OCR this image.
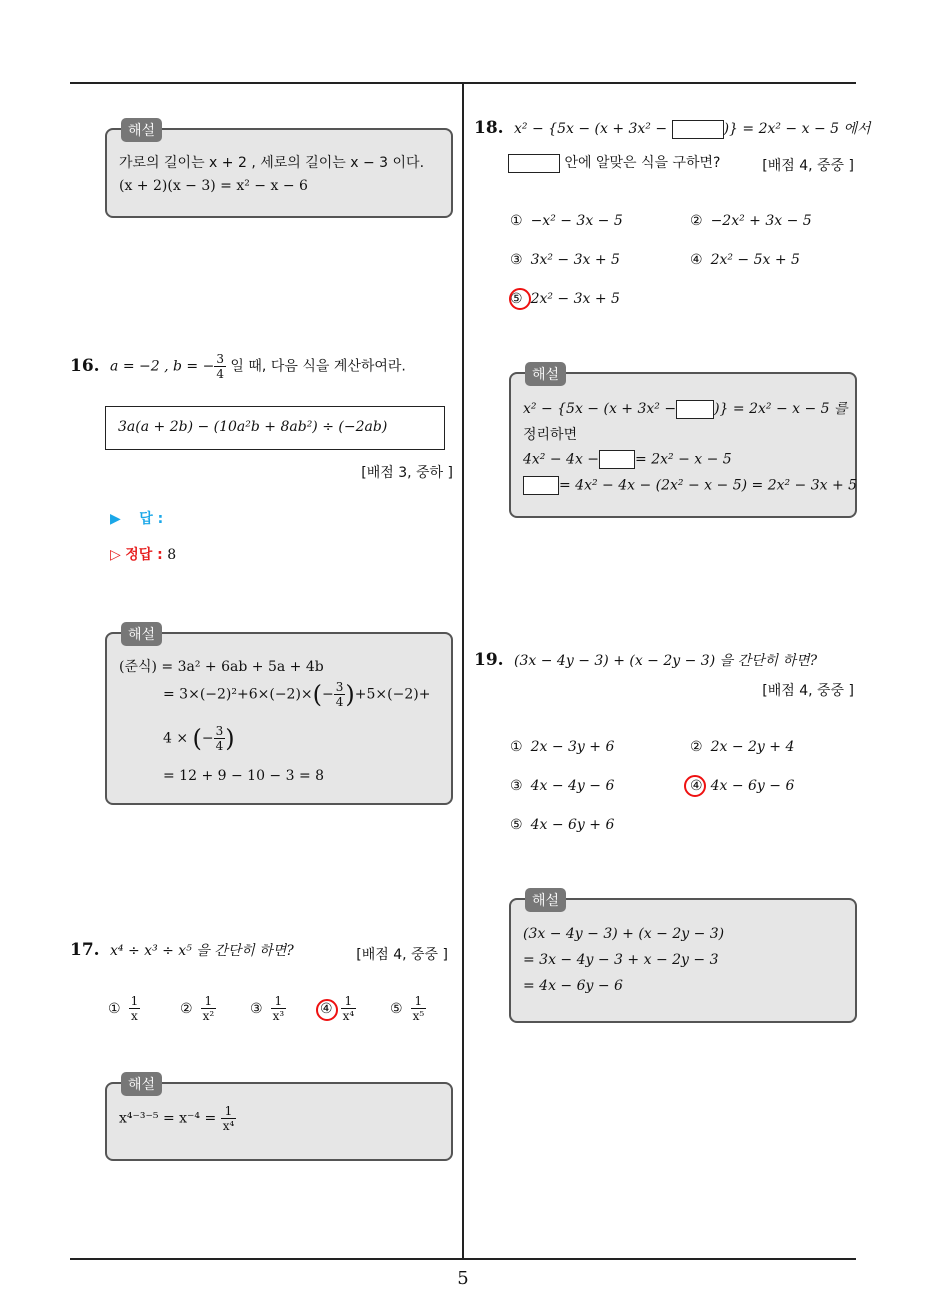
해설
가로의 길이는 x + 2 , 세로의 길이는 x − 3 이다.
(x + 2)(x − 3) = x² − x − 6
16. a = −2 , b = − $\frac{3}{4}$ 일 때, 다음 식을 계산하여라.
3a(a + 2b) − (10a²b + 8ab²) ÷ (−2ab)
[배점 3, 중하 ]
▶ 답 :
▷ 정답 : 8
해설
(준식) = 3a² + 6ab + 5a + 4b
= $3\times(-2)^2+6\times(-2)\times(- \frac{3}{4} )+5\times(-2)+$
4 × (− $\frac{3}{4}$ )
= 12 + 9 − 10 − 3 = 8
17. x⁴ ÷ x³ ÷ x⁵ 을 간단히 하면?	[배점 4, 중중 ]
① $\frac{1}{x}$	② $\frac{1}{\text{x²}}$ ③ $\frac{1}{\text{x³}}$ ④ $\frac{1}{\text{x⁴}}$ ⑤ $\frac{1}{\text{x⁵}}$
해설
$x^{4-3-5} = x^{-4} = \frac{1}{\text{x⁴}}$
18. x² − {5x − (x + 3x² −	)} = 2x² − x − 5 에서
안에 알맞은 식을 구하면?	[배점 4, 중중 ]
① −x² − 3x − 5	② −2x² + 3x − 5
③ 3x² − 3x + 5	④ 2x² − 5x + 5
⑤ 2x² − 3x + 5
해설
x² − {5x − (x + 3x² −	)} = 2x² − x − 5 를
정리하면
4x² − 4x −	= 2x² − x − 5
= 4x² − 4x − (2x² − x − 5) = 2x² − 3x + 5
19. (3x − 4y − 3) + (x − 2y − 3) 을 간단히 하면?
[배점 4, 중중 ]
① 2x − 3y + 6	② 2x − 2y + 4
③ 4x − 4y − 6	④ 4x − 6y − 6
⑤ 4x − 6y + 6
해설
(3x − 4y − 3) + (x − 2y − 3)
= 3x − 4y − 3 + x − 2y − 3
= 4x − 6y − 6
5
